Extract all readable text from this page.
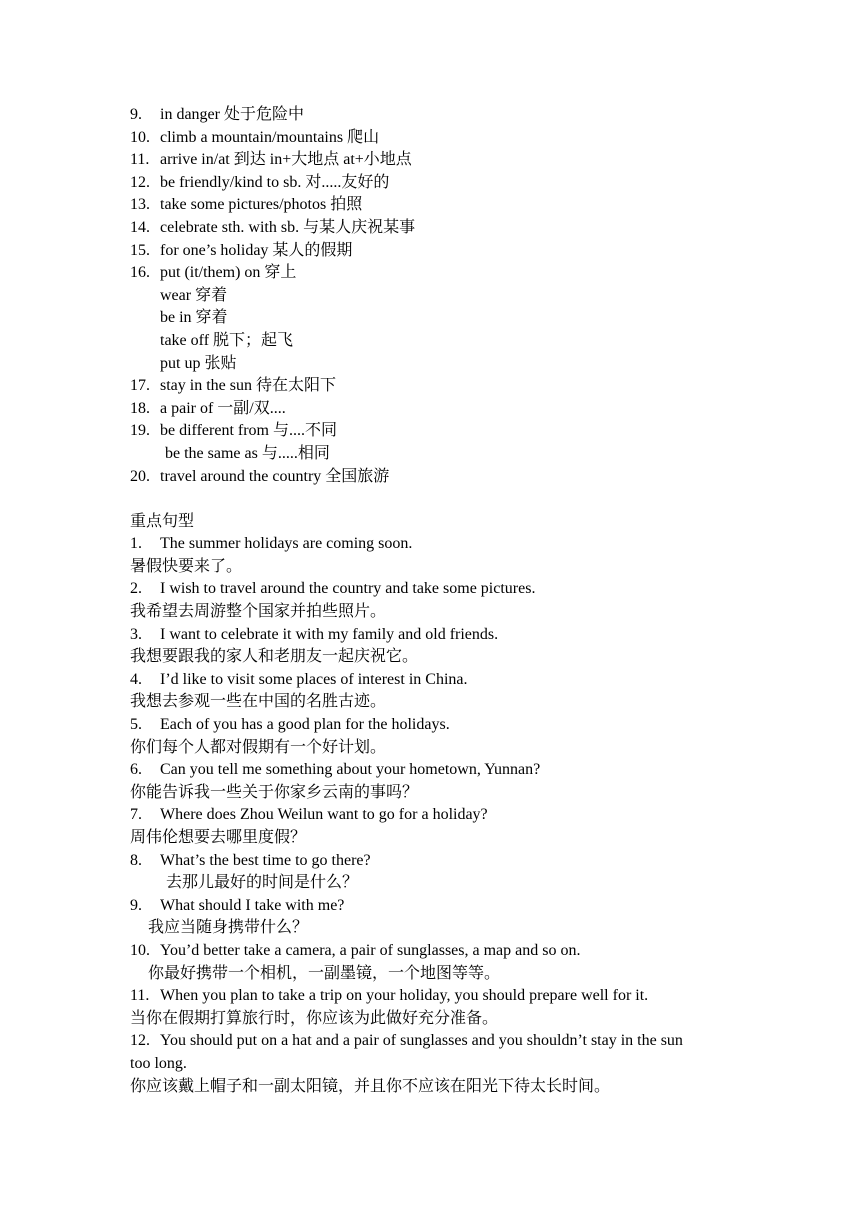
9. in danger 处于危险中
10. climb a mountain/mountains 爬山
11. arrive in/at 到达 in+大地点 at+小地点
12. be friendly/kind to sb. 对.....友好的
13. take some pictures/photos 拍照
14. celebrate sth. with sb. 与某人庆祝某事
15. for one’s holiday 某人的假期
16. put (it/them) on 穿上
wear 穿着
be in 穿着
take off 脱下；起飞
put up 张贴
17. stay in the sun 待在太阳下
18. a pair of 一副/双....
19. be different from 与....不同
be the same as 与.....相同
20. travel around the country 全国旅游
重点句型
1. The summer holidays are coming soon.
暑假快要来了。
2. I wish to travel around the country and take some pictures.
我希望去周游整个国家并拍些照片。
3. I want to celebrate it with my family and old friends.
我想要跟我的家人和老朋友一起庆祝它。
4. I’d like to visit some places of interest in China.
我想去参观一些在中国的名胜古迹。
5. Each of you has a good plan for the holidays.
你们每个人都对假期有一个好计划。
6. Can you tell me something about your hometown, Yunnan?
你能告诉我一些关于你家乡云南的事吗？
7. Where does Zhou Weilun want to go for a holiday?
周伟伦想要去哪里度假？
8. What’s the best time to go there?
去那儿最好的时间是什么？
9. What should I take with me?
我应当随身携带什么？
10. You’d better take a camera, a pair of sunglasses, a map and so on.
你最好携带一个相机，一副墨镜，一个地图等等。
11. When you plan to take a trip on your holiday, you should prepare well for it.
当你在假期打算旅行时，你应该为此做好充分准备。
12. You should put on a hat and a pair of sunglasses and you shouldn’t stay in the sun
too long.
你应该戴上帽子和一副太阳镜，并且你不应该在阳光下待太长时间。
